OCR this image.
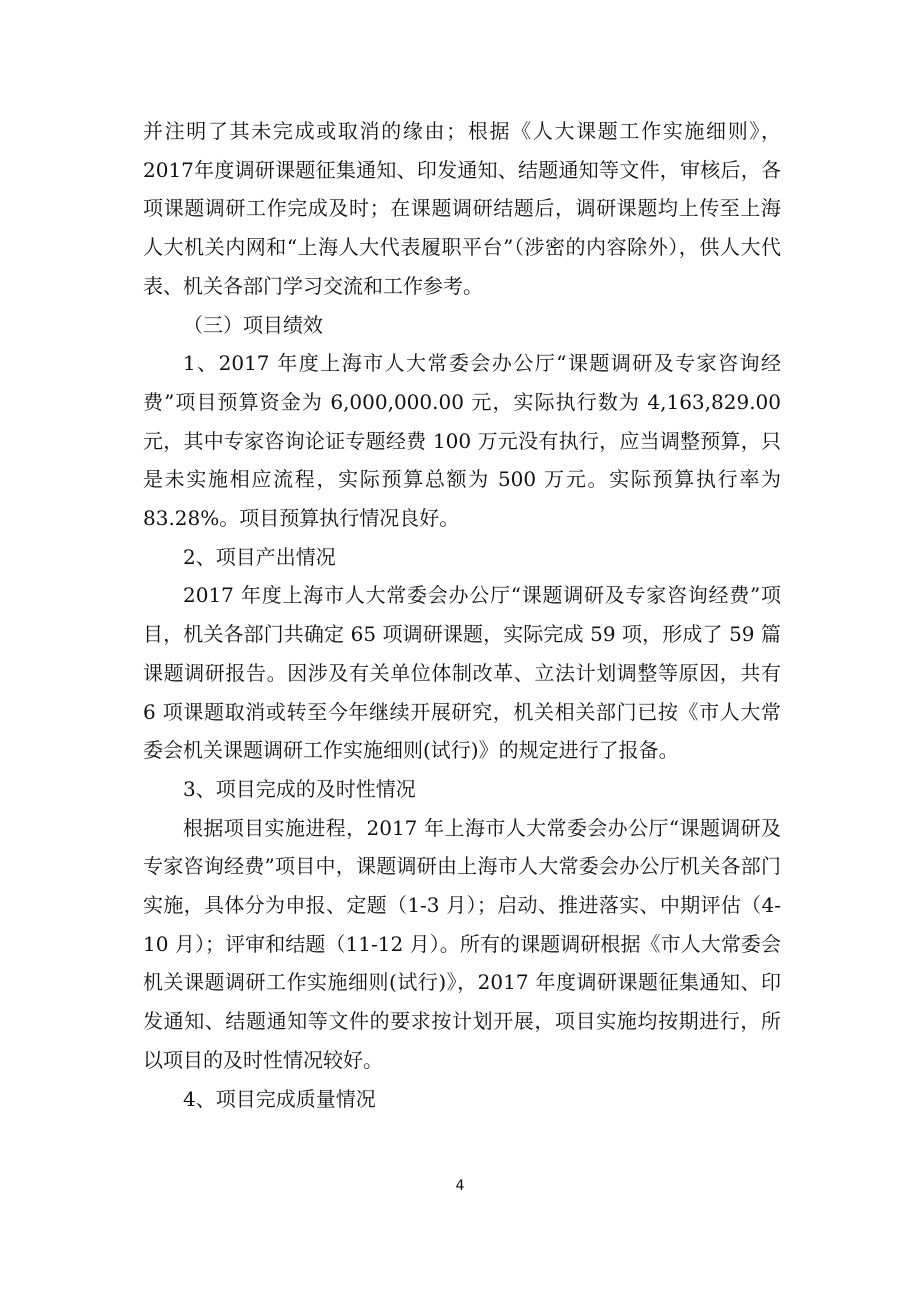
并注明了其未完成或取消的缘由；根据《人大课题工作实施细则》，2017年度调研课题征集通知、印发通知、结题通知等文件，审核后，各项课题调研工作完成及时；在课题调研结题后，调研课题均上传至上海人大机关内网和“上海人大代表履职平台”（涉密的内容除外），供人大代表、机关各部门学习交流和工作参考。

（三）项目绩效

1、2017 年度上海市人大常委会办公厅“课题调研及专家咨询经费”项目预算资金为 6,000,000.00 元，实际执行数为 4,163,829.00 元，其中专家咨询论证专题经费 100 万元没有执行，应当调整预算，只是未实施相应流程，实际预算总额为 500 万元。实际预算执行率为 83.28%。项目预算执行情况良好。

2、项目产出情况

2017 年度上海市人大常委会办公厅“课题调研及专家咨询经费”项目，机关各部门共确定 65 项调研课题，实际完成 59 项，形成了 59 篇课题调研报告。因涉及有关单位体制改革、立法计划调整等原因，共有 6 项课题取消或转至今年继续开展研究，机关相关部门已按《市人大常委会机关课题调研工作实施细则(试行)》的规定进行了报备。

3、项目完成的及时性情况

根据项目实施进程，2017 年上海市人大常委会办公厅“课题调研及专家咨询经费”项目中，课题调研由上海市人大常委会办公厅机关各部门实施，具体分为申报、定题（1-3 月）；启动、推进落实、中期评估（4-10 月）；评审和结题（11-12 月）。所有的课题调研根据《市人大常委会机关课题调研工作实施细则(试行)》，2017 年度调研课题征集通知、印发通知、结题通知等文件的要求按计划开展，项目实施均按期进行，所以项目的及时性情况较好。

4、项目完成质量情况

4
